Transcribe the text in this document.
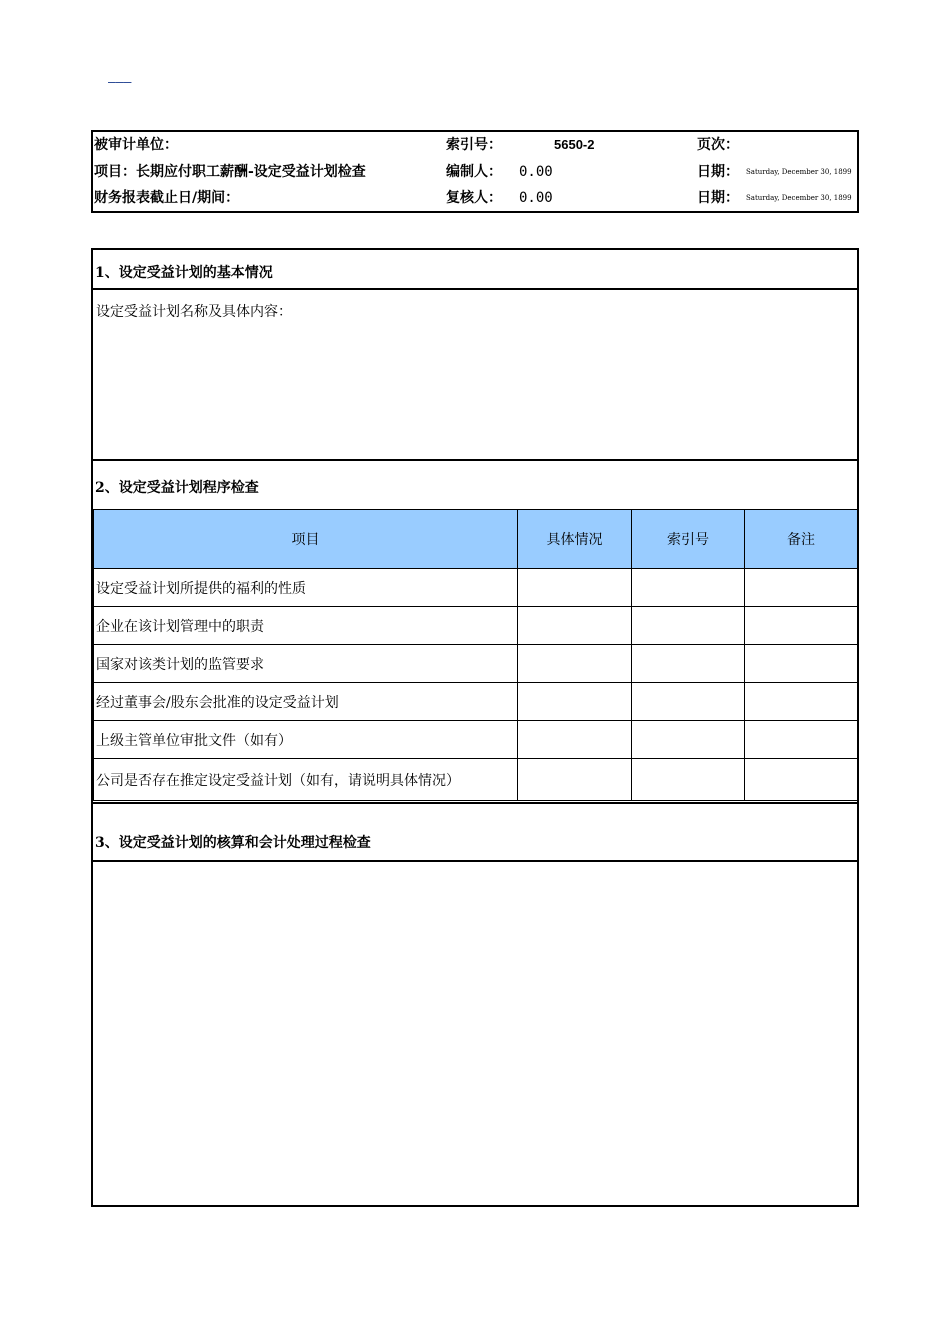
———
被审计单位：	索引号：	5650-2	页次：
项目：长期应付职工薪酬-设定受益计划检查	编制人： 0.00	日期： Saturday, December 30, 1899
财务报表截止日/期间：	复核人： 0.00	日期： Saturday, December 30, 1899
1、设定受益计划的基本情况
设定受益计划名称及具体内容：
2、设定受益计划程序检查
项目	具体情况	索引号	备注
设定受益计划所提供的福利的性质			
企业在该计划管理中的职责			
国家对该类计划的监管要求			
经过董事会/股东会批准的设定受益计划			
上级主管单位审批文件（如有）			
公司是否存在推定设定受益计划（如有，请说明具体情况）			
3、设定受益计划的核算和会计处理过程检查
